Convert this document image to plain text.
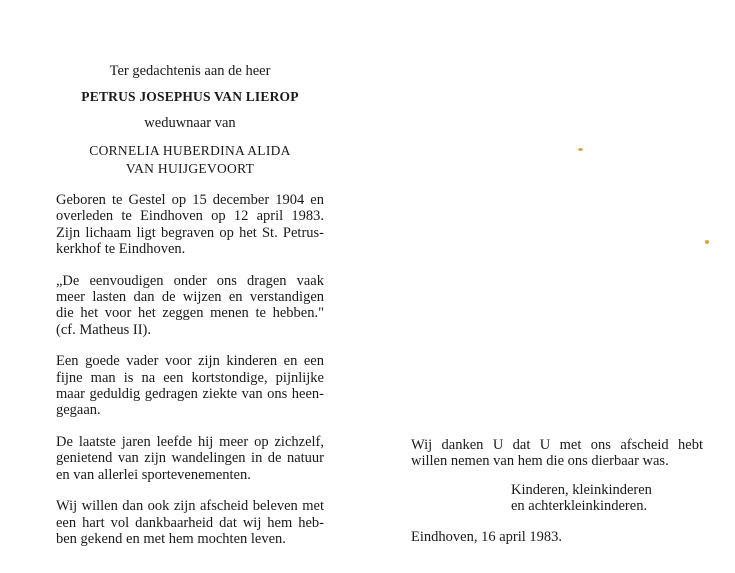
Ter gedachtenis aan de heer

PETRUS JOSEPHUS VAN LIEROP

weduwnaar van

CORNELIA HUBERDINA ALIDA
VAN HUIJGEVOORT
Geboren te Gestel op 15 december 1904 en
overleden te Eindhoven op 12 april 1983.
Zijn lichaam ligt begraven op het St. Petrus-
kerkhof te Eindhoven.
„De eenvoudigen onder ons dragen vaak
meer lasten dan de wijzen en verstandigen
die het voor het zeggen menen te hebben."
(cf. Matheus II).
Een goede vader voor zijn kinderen en een
fijne man is na een kortstondige, pijnlijke
maar geduldig gedragen ziekte van ons heen-
gegaan.
De laatste jaren leefde hij meer op zichzelf,
genietend van zijn wandelingen in de natuur
en van allerlei sportevenementen.
Wij willen dan ook zijn afscheid beleven met
een hart vol dankbaarheid dat wij hem heb-
ben gekend en met hem mochten leven.
Wij danken U dat U met ons afscheid hebt
willen nemen van hem die ons dierbaar was.
Kinderen, kleinkinderen
en achterkleinkinderen.
Eindhoven, 16 april 1983.
